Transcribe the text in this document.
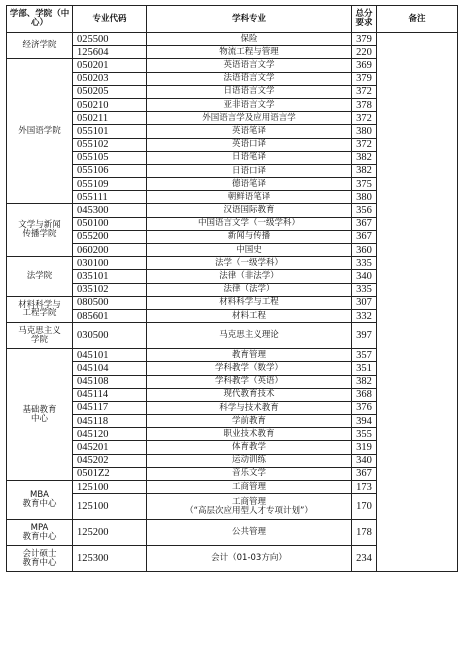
学部、学院（中心）	专业代码	学科专业	总分要求	备注

经济学院	025500	保险	379	
	125604	物流工程与管理	220	

外国语学院	050201	英语语言文学	369	
	050203	法语语言文学	379	
	050205	日语语言文学	372	
	050210	亚非语言文学	378	
	050211	外国语言学及应用语言学	372	
	055101	英语笔译	380	
	055102	英语口译	372	
	055105	日语笔译	382	
	055106	日语口译	382	
	055109	德语笔译	375	
	055111	朝鲜语笔译	380	

文学与新闻
传播学院	045300	汉语国际教育	356	
	050100	中国语言文学（一级学科）	367	
	055200	新闻与传播	367	
	060200	中国史	360	

法学院	030100	法学（一级学科）	335	
	035101	法律（非法学）	340	
	035102	法律（法学）	335	

材料科学与
工程学院	080500	材料科学与工程	307	
	085601	材料工程	332	

马克思主义
学院	030500	马克思主义理论	397	

基础教育
中心	045101	教育管理	357	
	045104	学科教学（数学）	351	
	045108	学科教学（英语）	382	
	045114	现代教育技术	368	
	045117	科学与技术教育	376	
	045118	学前教育	394	
	045120	职业技术教育	355	
	045201	体育教学	319	
	045202	运动训练	340	
	0501Z2	音乐文学	367	

MBA
教育中心	125100	工商管理	173	
	125100	工商管理
（“高层次应用型人才专项计划”）	170	

MPA
教育中心	125200	公共管理	178	

会计硕士
教育中心	125300	会计（01-03方向）	234	
